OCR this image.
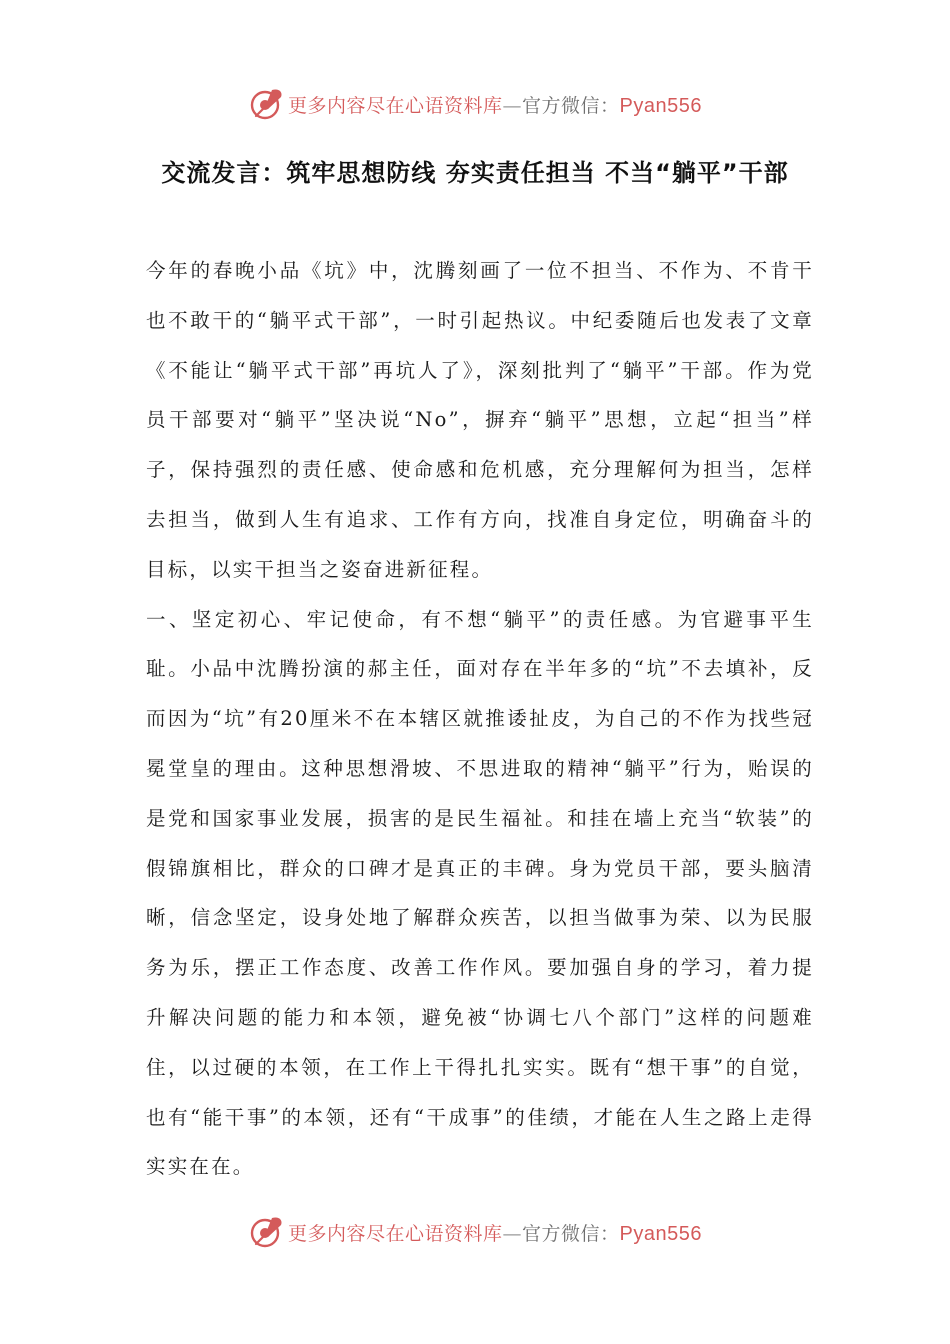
更多内容尽在心语资料库 — 官方微信： Pyan556
交流发言：筑牢思想防线 夯实责任担当 不当“躺平”干部

今年的春晚小品《坑》中，沈腾刻画了一位不担当、不作为、不肯干也不敢干的“躺平式干部”，一时引起热议。中纪委随后也发表了文章《不能让“躺平式干部”再坑人了》，深刻批判了“躺平”干部。作为党员干部要对“躺平”坚决说“No”，摒弃“躺平”思想，立起“担当”样子，保持强烈的责任感、使命感和危机感，充分理解何为担当，怎样去担当，做到人生有追求、工作有方向，找准自身定位，明确奋斗的目标，以实干担当之姿奋进新征程。

一、坚定初心、牢记使命，有不想“躺平”的责任感。为官避事平生耻。小品中沈腾扮演的郝主任，面对存在半年多的“坑”不去填补，反而因为“坑”有20厘米不在本辖区就推诿扯皮，为自己的不作为找些冠冕堂皇的理由。这种思想滑坡、不思进取的精神“躺平”行为，贻误的是党和国家事业发展，损害的是民生福祉。和挂在墙上充当“软装”的假锦旗相比，群众的口碑才是真正的丰碑。身为党员干部，要头脑清晰，信念坚定，设身处地了解群众疾苦，以担当做事为荣、以为民服务为乐，摆正工作态度、改善工作作风。要加强自身的学习，着力提升解决问题的能力和本领，避免被“协调七八个部门”这样的问题难住，以过硬的本领，在工作上干得扎扎实实。既有“想干事”的自觉，也有“能干事”的本领，还有“干成事”的佳绩，才能在人生之路上走得实实在在。

更多内容尽在心语资料库 — 官方微信： Pyan556
